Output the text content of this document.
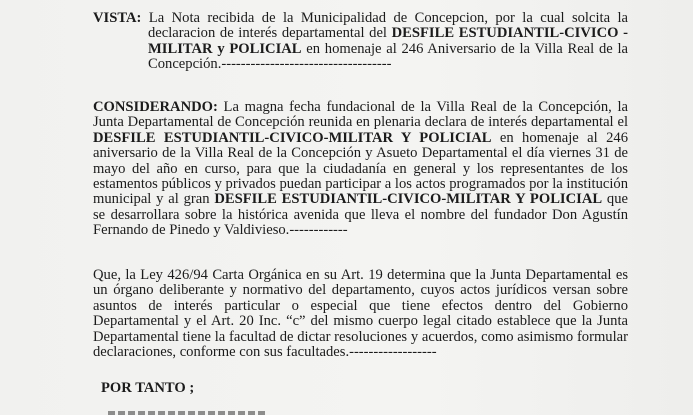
VISTA: La Nota recibida de la Municipalidad de Concepcion, por la cual solcita la declaracion de interés departamental del DESFILE ESTUDIANTIL-CIVICO - MILITAR y POLICIAL en homenaje al 246 Aniversario de la Villa Real de la Concepción.-----------------------------------
CONSIDERANDO: La magna fecha fundacional de la Villa Real de la Concepción, la Junta Departamental de Concepción reunida en plenaria declara de interés departamental el DESFILE ESTUDIANTIL-CIVICO-MILITAR Y POLICIAL en homenaje al 246 aniversario de la Villa Real de la Concepción y Asueto Departamental el día viernes 31 de mayo del año en curso, para que la ciudadanía en general y los representantes de los estamentos públicos y privados puedan participar a los actos programados por la institución municipal y al gran DESFILE ESTUDIANTIL-CIVICO-MILITAR Y POLICIAL que se desarrollara sobre la histórica avenida que lleva el nombre del fundador Don Agustín Fernando de Pinedo y Valdivieso.------------
Que, la Ley 426/94 Carta Orgánica en su Art. 19 determina que la Junta Departamental es un órgano deliberante y normativo del departamento, cuyos actos jurídicos versan sobre asuntos de interés particular o especial que tiene efectos dentro del Gobierno Departamental y el Art. 20 Inc. “c” del mismo cuerpo legal citado establece que la Junta Departamental tiene la facultad de dictar resoluciones y acuerdos, como asimismo formular declaraciones, conforme con sus facultades.------------------
POR TANTO ;
